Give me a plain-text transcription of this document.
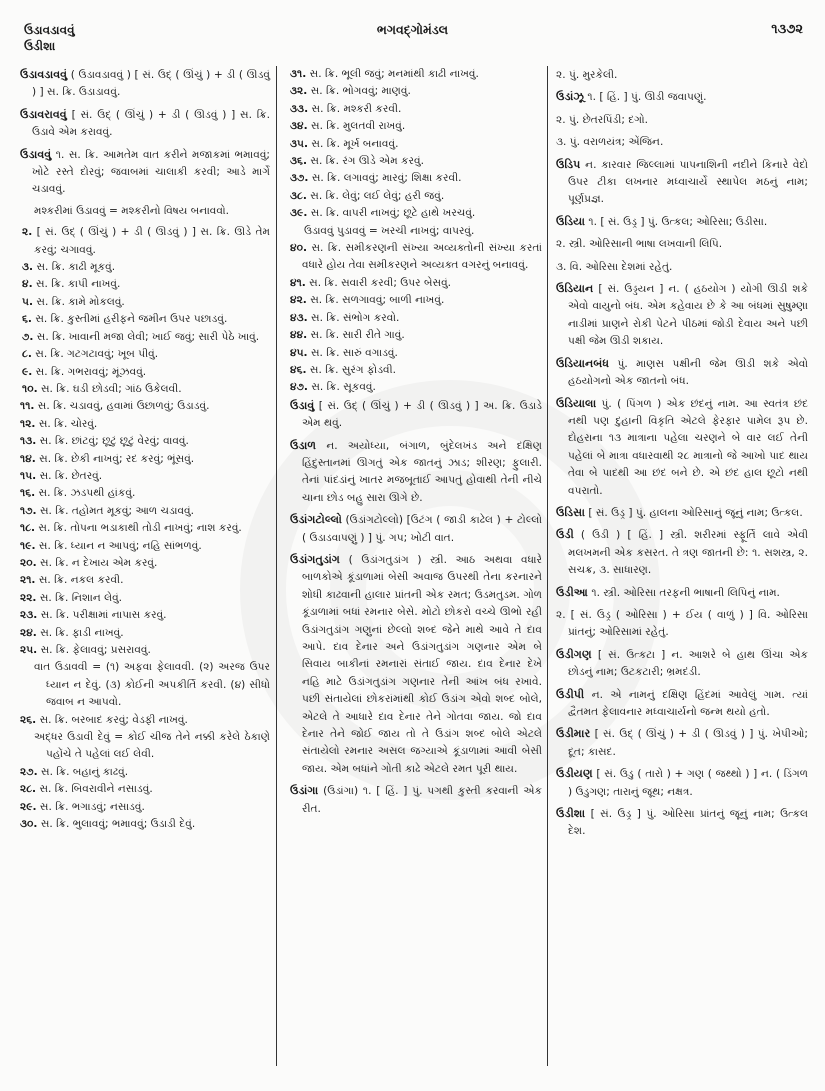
ઉડાવડાવવું
ઉડીશા
ભગવદ્ગોમંડલ	૧૩૭૨
ઉડાવડાવવું ( ઉડાવડાવવું ) [ સં. ઉદ્ ( ઊંચું ) + ડી ( ઊડવું ) ] સ. ક્રિ. ઉડાડાવવું.
ઉડાવરાવવું [ સં. ઉદ્ ( ઊંચું ) + ડી ( ઊડવું ) ] સ. ક્રિ. ઉડાવે એમ કરાવવું.
ઉડાવવું ૧. સ. ક્રિ. આમતેમ વાત કરીને મજાકમાં ભમાવવું; ખોટે રસ્તે દોરવું; જવાબમાં ચાલાકી કરવી; આડે માર્ગે ચડાવવું.
મશ્કરીમાં ઉડાવવું = મશ્કરીનો વિષય બનાવવો.
૨. [ સં. ઉદ્ ( ઊંચું ) + ડી ( ઊડવું ) ] સ. ક્રિ. ઊડે તેમ કરવું; ચગાવવું.
૩. સ. ક્રિ. કાઢી મૂકવું.
૪. સ. ક્રિ. કાપી નાખવું.
૫. સ. ક્રિ. કામે મોકલવું.
૬. સ. ક્રિ. કુસ્તીમાં હરીફને જમીન ઉપર પછાડવું.
૭. સ. ક્રિ. ખાવાની મજા લેવી; ખાઈ જવું; સારી પેઠે ખાવું.
૮. સ. ક્રિ. ગટગટાવવું; ખૂબ પીવું.
૯. સ. ક્રિ. ગભરાવવું; મૂંઝવવું.
૧૦. સ. ક્રિ. ઘડી છોડવી; ગાંઠ ઉકેલવી.
૧૧. સ. ક્રિ. ચડાવવું, હવામાં ઉછાળવું; ઉડાડવું.
૧૨. સ. ક્રિ. ચોરવું.
૧૩. સ. ક્રિ. છાંટવું; છૂટું છૂટું વેરવું; વાવવું.
૧૪. સ. ક્રિ. છેકી નાખવું; રદ કરવું; ભૂંસવું.
૧૫. સ. ક્રિ. છેતરવું.
૧૬. સ. ક્રિ. ઝડપથી હાંકવું.
૧૭. સ. ક્રિ. તહોમત મૂકવું; આળ ચડાવવું.
૧૮. સ. ક્રિ. તોપના ભડાકાથી તોડી નાખવું; નાશ કરવું.
૧૯. સ. ક્રિ. ધ્યાન ન આપવું; નહિ સાંભળવું.
૨૦. સ. ક્રિ. ન દેખાય એમ કરવું.
૨૧. સ. ક્રિ. નકલ કરવી.
૨૨. સ. ક્રિ. નિશાન લેવું.
૨૩. સ. ક્રિ. પરીક્ષામાં નાપાસ કરવું.
૨૪. સ. ક્રિ. ફાડી નાખવું.
૨૫. સ. ક્રિ. ફેલાવવું; પ્રસરાવવું.
વાત ઉડાવવી = (૧) અફવા ફેલાવવી. (૨) અરજ ઉપર ધ્યાન ન દેવું. (૩) કોઈની અપકીર્તિ કરવી. (૪) સીધો જવાબ ન આપવો.
૨૬. સ. ક્રિ. બરબાદ કરવું; વેડફી નાખવું.
અદ્ધર ઉડાવી દેવું = કોઈ ચીજ તેને નક્કી કરેલે ઠેકાણે પહોંચે તે પહેલાં લઈ લેવી.
૨૭. સ. ક્રિ. બહાનું કાઢવું.
૨૮. સ. ક્રિ. બિવરાવીને નસાડવું.
૨૯. સ. ક્રિ. ભગાડવું; નસાડવું.
૩૦. સ. ક્રિ. ભુલાવવું; ભમાવવું; ઉડાડી દેવું.
૩૧. સ. ક્રિ. ભૂલી જવું; મનમાંથી કાઢી નાખવું.
૩૨. સ. ક્રિ. ભોગવવું; માણવું.
૩૩. સ. ક્રિ. મશ્કરી કરવી.
૩૪. સ. ક્રિ. મુલતવી રાખવું.
૩૫. સ. ક્રિ. મૂર્ખ બનાવવું.
૩૬. સ. ક્રિ. રંગ ઊડે એમ કરવું.
૩૭. સ. ક્રિ. લગાવવું; મારવું; શિક્ષા કરવી.
૩૮. સ. ક્રિ. લેવું; લઈ લેવું; હરી જવું.
૩૯. સ. ક્રિ. વાપરી નાખવું; છૂટે હાથે ખરચવું.
ઉડાવવું પુડાવવું = ખરચી નાખવું; વાપરવું.
૪૦. સ. ક્રિ. સમીકરણની સંખ્યા અવ્યક્તોની સંખ્યા કરતાં વધારે હોય તેવા સમીકરણને અવ્યક્ત વગરનું બનાવવું.
૪૧. સ. ક્રિ. સવારી કરવી; ઉપર બેસવું.
૪૨. સ. ક્રિ. સળગાવવું; બાળી નાખવું.
૪૩. સ. ક્રિ. સંભોગ કરવો.
૪૪. સ. ક્રિ. સારી રીતે ગાવું.
૪૫. સ. ક્રિ. સારું વગાડવું.
૪૬. સ. ક્રિ. સુરંગ ફોડવી.
૪૭. સ. ક્રિ. સૂકવવું.
ઉડાવું [ સં. ઉદ્ ( ઊંચું ) + ડી ( ઊડવું ) ] અ. ક્રિ. ઉડાડે એમ થવું.
ઉડાળ ન. અયોધ્યા, બંગાળ, બુંદેલખંડ અને દક્ષિણ હિંદુસ્તાનમાં ઊગતું એક જાતનું ઝાડ; શીરણ; ફુલારી. તેનાં પાંદડાંનું ખાતર મજબૂતાઈ આપતું હોવાથી તેની નીચે ચાના છોડ બહુ સારા ઊગે છે.
ઉડાંગટોલ્લો (ઉડાંગટોલ્લો) [ઉટંગ ( જાડી કાઢેલ ) + ટોલ્લો ( ઉડાડવાપણું ) ] પું. ગપ; ખોટી વાત.
ઉડાંગતુડાંગ ( ઉડાંગતુડાંગ ) સ્ત્રી. આઠ અથવા વધારે બાળકોએ કૂંડાળામાં બેસી અવાજ ઉપરથી તેના કરનારને શોધી કાઢવાની હાલાર પ્રાંતની એક રમત; ઉડમતુડમ. ગોળ કૂંડાળામાં બધાં રમનાર બેસે. મોટો છોકરો વચ્ચે ઊભો રહી ઉડાંગતુડાંગ ગણુનાં છેલ્લો શબ્દ જેને માથે આવે તે દાવ આપે. દાવ દેનાર અને ઉડાંગતુડાંગ ગણનાર એમ બે સિવાય બાકીનાં રમનારાં સંતાઈ જાય. દાવ દેનાર દેખે નહિ માટે ઉડાંગતુડાંગ ગણનાર તેની આંખ બંધ રખાવે. પછી સંતાયેલાં છોકરાંમાંથી કોઈ ઉડાંગ એવો શબ્દ બોલે, એટલે તે આધારે દાવ દેનાર તેને ગોતવા જાય. જો દાવ દેનાર તેને જોઈ જાય તો તે ઉડાંગ શબ્દ બોલે એટલે સંતાયેલો રમનાર અસલ જગ્યાએ કૂંડાળામાં આવી બેસી જાય. એમ બધાંને ગોતી કાઢે એટલે રમત પૂરી થાય.
ઉડાંગા (ઉડાંગા) ૧. [ હિં. ] પું. પગથી કુસ્તી કરવાની એક રીત.
૨. પું. મુરકેલી.
ઉડાંઝૂ ૧. [ હિં. ] પું. ઊડી જવાપણું.
૨. પું. છેતરપિંડી; દગો.
૩. પું. વરાળયંત્ર; એંજિન.
ઉડિપ ન. કારવાર જિલ્લામાં પાપનાશિની નદીને કિનારે વેદો ઉપર ટીકા લખનાર મધ્વાચાર્યે સ્થાપેલ મઠનું નામ; પૂર્ણપ્રજ્ઞ.
ઉડિયા ૧. [ સં. ઉડ્ર ] પું. ઉત્કલ; ઓરિસા; ઉડીસા.
૨. સ્ત્રી. ઓરિસાની ભાષા લખવાની લિપિ.
૩. વિ. ઓરિસા દેશમાં રહેતું.
ઉડિયાન [ સં. ઉડ્ડયન ] ન. ( હઠયોગ ) યોગી ઊડી શકે એવો વાયુનો બંધ. એમ કહેવાય છે કે આ બંધમાં સુષુમ્ણા નાડીમાં પ્રાણને રોકી પેટને પીઠમાં જોડી દેવાય અને પછી પક્ષી જેમ ઊડી શકાય.
ઉડિયાનબંધ પું. માણસ પક્ષીની જેમ ઊડી શકે એવો હઠયોગનો એક જાતનો બંધ.
ઉડિયાલા પું. ( પિંગળ ) એક છંદનું નામ. આ સ્વતંત્ર છંદ નથી પણ દુહાની વિકૃતિ એટલે ફેરફાર પામેલ રૂપ છે. દોહરાના ૧૩ માત્રાના પહેલા ચરણને બે વાર લઈ તેની પહેલાં બે માત્રા વધારવાથી ૨૮ માત્રાનો જે આખો પાદ થાય તેવા બે પાદથી આ છંદ બને છે. એ છંદ હાલ છૂટો નથી વપરાતો.
ઉડિસા [ સં. ઉડ્ર ] પું. હાલના ઓરિસાનું જૂનું નામ; ઉત્કલ.
ઉડી ( ઉડી ) [ હિં. ] સ્ત્રી. શરીરમાં સ્ફૂર્તિ લાવે એવી મલખમની એક કસરત. તે ત્રણ જાતની છે: ૧. સશસ્ત્ર, ૨. સચક્ર, ૩. સાધારણ.
ઉડીઆ ૧. સ્ત્રી. ઓરિસા તરફની ભાષાની લિપિનું નામ.
૨. [ સં. ઉડ્ર ( ઓરિસા ) + ઈય ( વાળું ) ] વિ. ઓરિસા પ્રાંતનું; ઓરિસામાં રહેતું.
ઉડીગણ [ સં. ઉત્કટા ] ન. આશરે બે હાથ ઊંચા એક છોડનું નામ; ઉટકટારી; ભ્રમદંડી.
ઉડીપી ન. એ નામનું દક્ષિણ હિંદમાં આવેલું ગામ. ત્યાં દ્વૈતમત ફેલાવનાર મધ્વાચાર્યનો જન્મ થયો હતો.
ઉડીમાર [ સં. ઉદ્ ( ઊંચું ) + ડી ( ઊડવું ) ] પું. ખેપીઓ; દૂત; કાસદ.
ઉડીયણ [ સં. ઉડુ ( તારો ) + ગણ ( જથ્થો ) ] ન. ( ડિંગળ ) ઉડુગણ; તારાનું જૂથ; નક્ષત્ર.
ઉડીશા [ સં. ઉડ્ર ] પું. ઓરિસા પ્રાંતનું જૂનું નામ; ઉત્કલ દેશ.
